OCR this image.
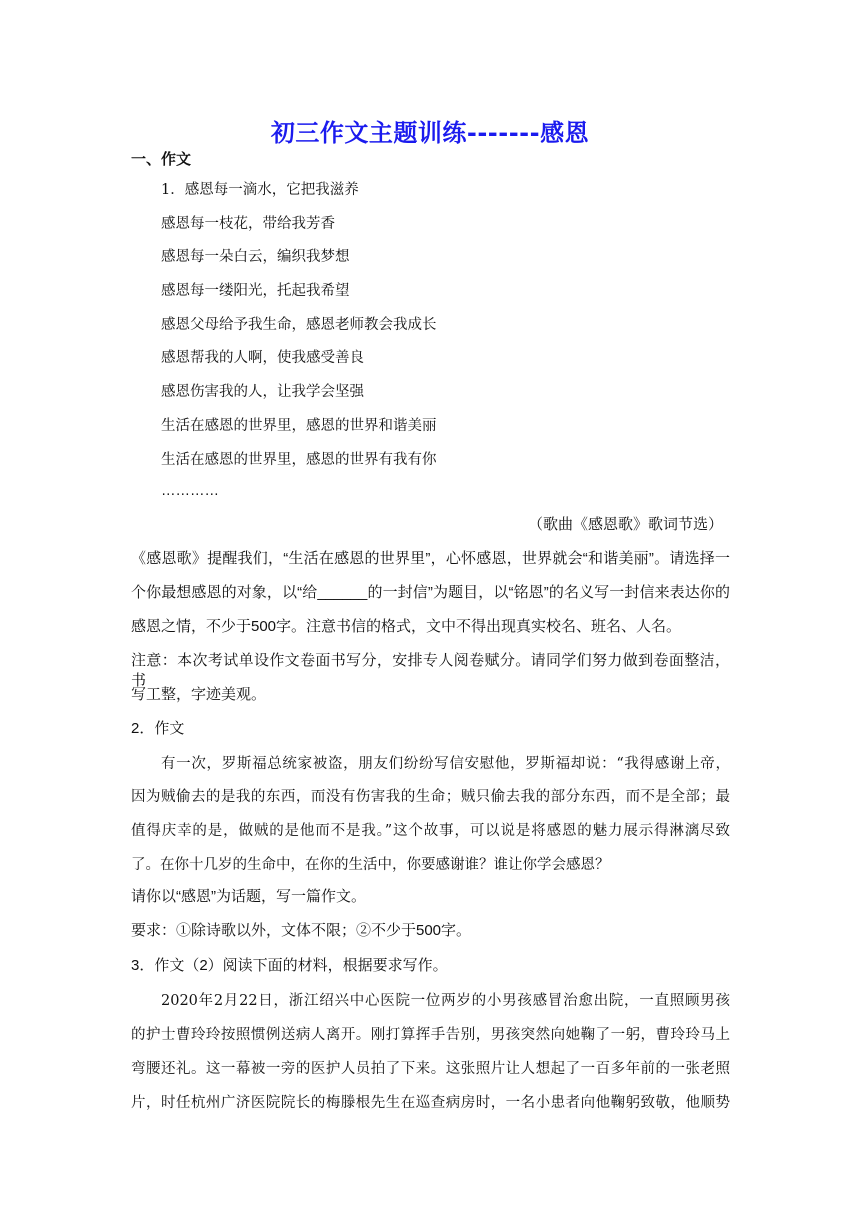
初三作文主题训练-------感恩
一、作文
1．感恩每一滴水，它把我滋养
感恩每一枝花，带给我芳香
感恩每一朵白云，编织我梦想
感恩每一缕阳光，托起我希望
感恩父母给予我生命，感恩老师教会我成长
感恩帮我的人啊，使我感受善良
感恩伤害我的人，让我学会坚强
生活在感恩的世界里，感恩的世界和谐美丽
生活在感恩的世界里，感恩的世界有我有你
…………
（歌曲《感恩歌》歌词节选）
《感恩歌》提醒我们，“生活在感恩的世界里”，心怀感恩，世界就会“和谐美丽”。请选择一
个你最想感恩的对象，以“给______的一封信”为题目，以“铭恩”的名义写一封信来表达你的
感恩之情，不少于500字。注意书信的格式，文中不得出现真实校名、班名、人名。
注意：本次考试单设作文卷面书写分，安排专人阅卷赋分。请同学们努力做到卷面整洁，书
写工整，字迹美观。
2．作文
有一次，罗斯福总统家被盗，朋友们纷纷写信安慰他，罗斯福却说：“我得感谢上帝，
因为贼偷去的是我的东西，而没有伤害我的生命；贼只偷去我的部分东西，而不是全部；最
值得庆幸的是，做贼的是他而不是我。”这个故事，可以说是将感恩的魅力展示得淋漓尽致
了。在你十几岁的生命中，在你的生活中，你要感谢谁？谁让你学会感恩？
请你以“感恩”为话题，写一篇作文。
要求：①除诗歌以外，文体不限；②不少于500字。
3．作文（2）阅读下面的材料，根据要求写作。
2020年2月22日，浙江绍兴中心医院一位两岁的小男孩感冒治愈出院，一直照顾男孩
的护士曹玲玲按照惯例送病人离开。刚打算挥手告别，男孩突然向她鞠了一躬，曹玲玲马上
弯腰还礼。这一幕被一旁的医护人员拍了下来。这张照片让人想起了一百多年前的一张老照
片，时任杭州广济医院院长的梅滕根先生在巡查病房时，一名小患者向他鞠躬致敬，他顺势
